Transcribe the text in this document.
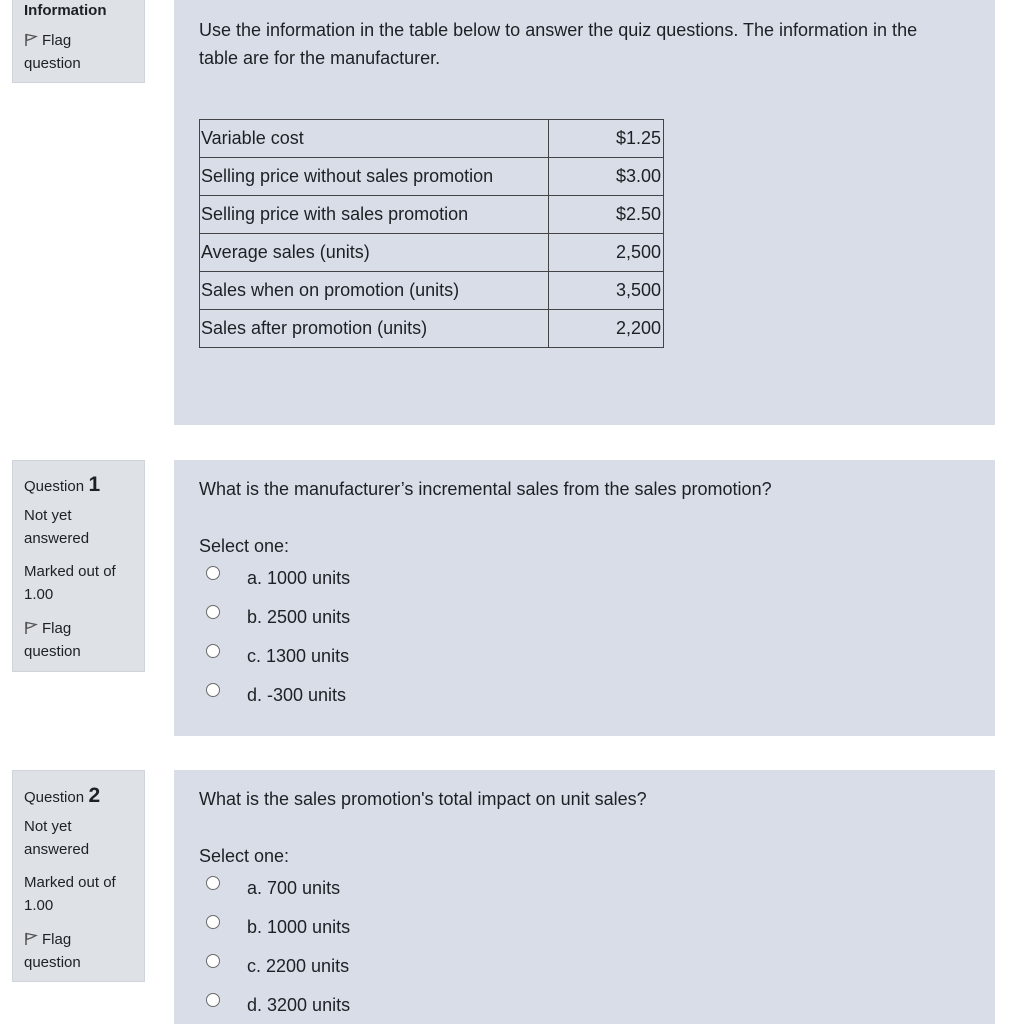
Information
Flag
question
Use the information in the table below to answer the quiz questions. The information in the
table are for the manufacturer.
Variable cost	$1.25
Selling price without sales promotion	$3.00
Selling price with sales promotion	$2.50
Average sales (units)	2,500
Sales when on promotion (units)	3,500
Sales after promotion (units)	2,200
Question 1
Not yet
answered
Marked out of
1.00
Flag
question
What is the manufacturer’s incremental sales from the sales promotion?
Select one:
a. 1000 units
b. 2500 units
c. 1300 units
d. -300 units
Question 2
Not yet
answered
Marked out of
1.00
Flag
question
What is the sales promotion's total impact on unit sales?
Select one:
a. 700 units
b. 1000 units
c. 2200 units
d. 3200 units
